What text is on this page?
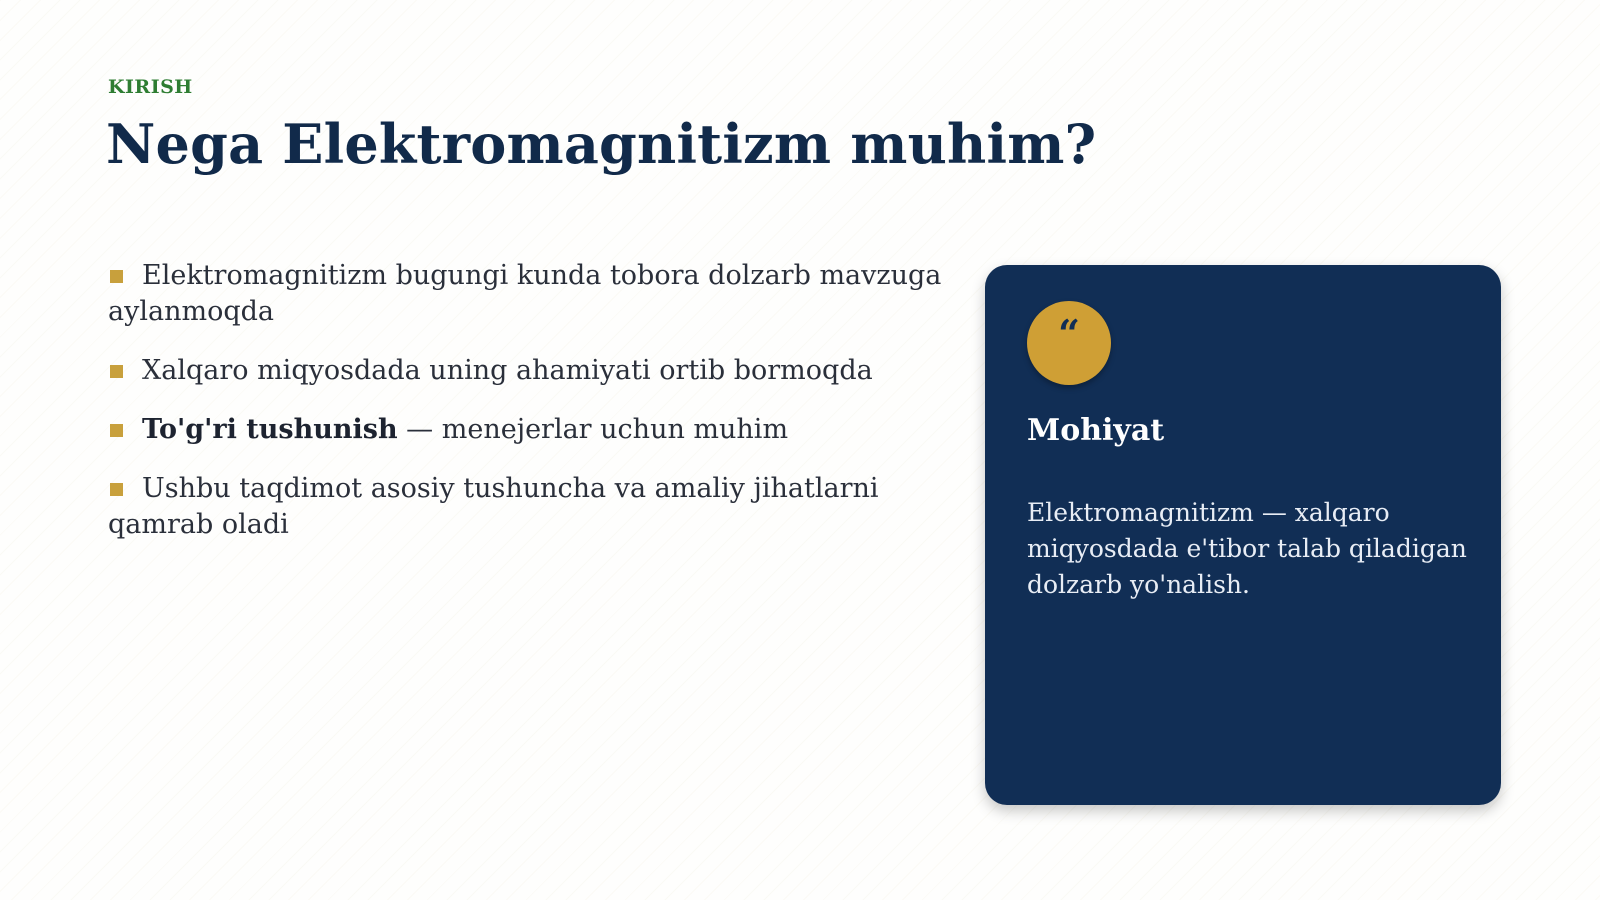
KIRISH
Nega Elektromagnitizm muhim?
Elektromagnitizm bugungi kunda tobora dolzarb mavzuga aylanmoqda
Xalqaro miqyosdada uning ahamiyati ortib bormoqda
To'g'ri tushunish — menejerlar uchun muhim
Ushbu taqdimot asosiy tushuncha va amaliy jihatlarni qamrab oladi
“
Mohiyat

Elektromagnitizm — xalqaro miqyosdada e'tibor talab qiladigan dolzarb yo'nalish.
